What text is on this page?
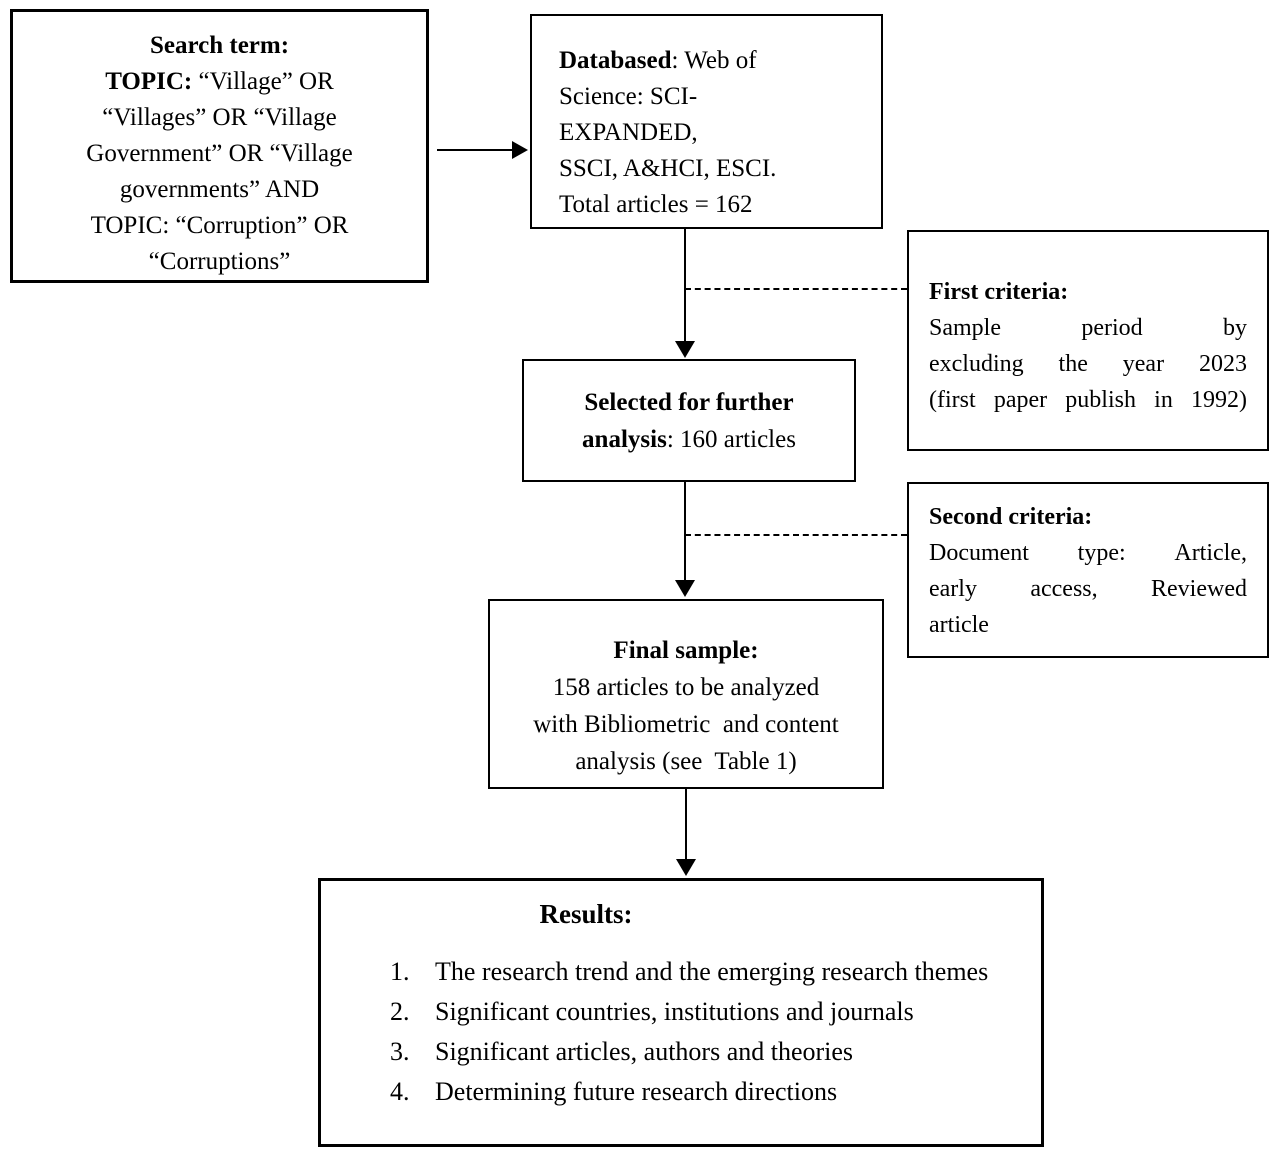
Search term:
TOPIC: “Village” OR
“Villages” OR “Village
Government” OR “Village
governments” AND
TOPIC: “Corruption” OR
“Corruptions”
Databased: Web of
Science: SCI-
EXPANDED,
SSCI, A&HCI, ESCI.
Total articles = 162
First criteria:
Sample	period	by
excluding the year 2023
(first paper publish in 1992)
Selected for further
analysis: 160 articles
Second criteria:
Document type: Article,
early access, Reviewed
article
Final sample:
158 articles to be analyzed
with Bibliometric  and content
analysis (see  Table 1)
Results:
1. The research trend and the emerging research themes
2. Significant countries, institutions and journals
3. Significant articles, authors and theories
4. Determining future research directions
